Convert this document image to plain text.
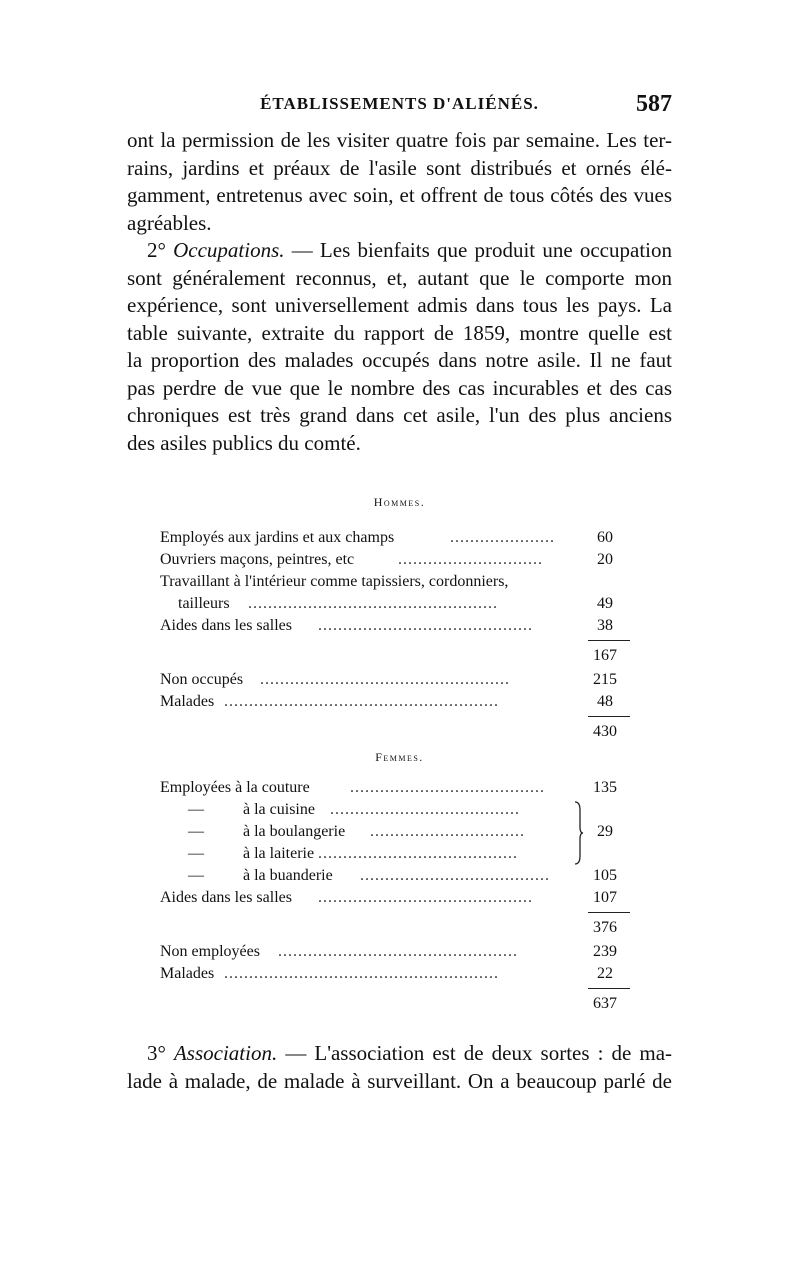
ÉTABLISSEMENTS D'ALIÉNÉS.	587
ont la permission de les visiter quatre fois par semaine. Les ter-
rains, jardins et préaux de l'asile sont distribués et ornés élé-
gamment, entretenus avec soin, et offrent de tous côtés des vues
agréables.
2° Occupations. — Les bienfaits que produit une occupation
sont généralement reconnus, et, autant que le comporte mon
expérience, sont universellement admis dans tous les pays. La
table suivante, extraite du rapport de 1859, montre quelle est
la proportion des malades occupés dans notre asile. Il ne faut
pas perdre de vue que le nombre des cas incurables et des cas
chroniques est très grand dans cet asile, l'un des plus anciens
des asiles publics du comté.
Hommes.
Employés aux jardins et aux champs	.....................	60
Ouvriers maçons, peintres, etc	.............................	20
Travaillant à l'intérieur comme tapissiers, cordonniers,
tailleurs ..................................................	49
Aides dans les salles ...........................................	38
167
Non occupés ..................................................	215
Malades .......................................................	48
430
Femmes.
Employées à la couture	.......................................	135
— à la cuisine ......................................
— à la boulangerie ...............................	29
— à la laiterie ........................................
— à la buanderie ......................................	105
Aides dans les salles ...........................................	107
376
Non employées ................................................	239
Malades .......................................................	22
637
3° Association. — L'association est de deux sortes : de ma-
lade à malade, de malade à surveillant. On a beaucoup parlé de
